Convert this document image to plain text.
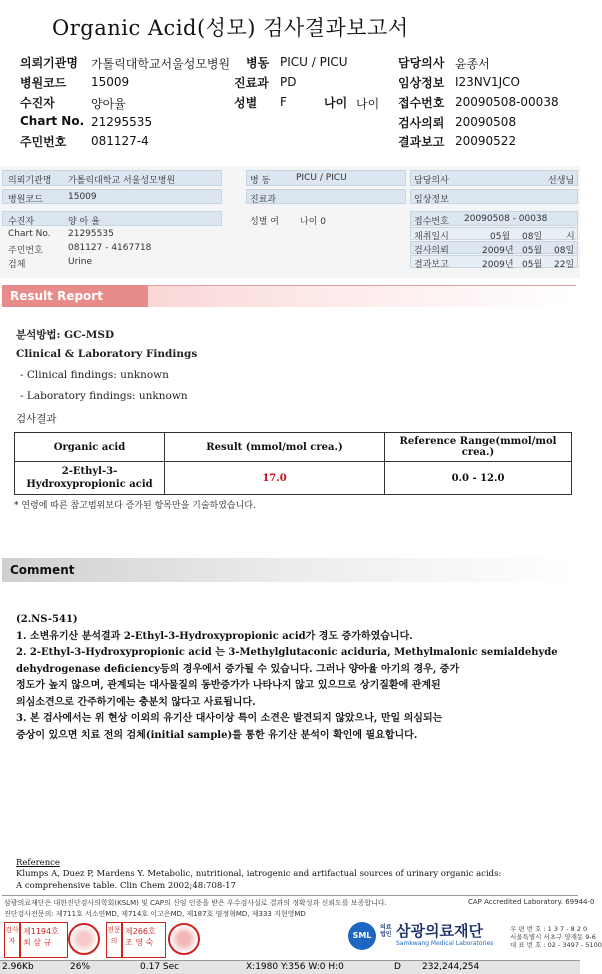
Organic Acid(성모) 검사결과보고서
의뢰기관명 가톨릭대학교서울성모병원 병동 PICU / PICU	담당의사 윤종서
병원코드 15009	진료과 PD	임상정보 I23NV1JCO
수진자	양아율	성별 F	나이 나이 접수번호 20090508-00038
Chart No. 21295535	검사의뢰 20090508
주민번호 081127-4	결과보고 20090522
의뢰기관명 가톨릭대학교 서울성모병원
병원코드	15009
병 동	PICU / PICU
진료과
담당의사	선생님
임상정보
수진자	양 아 율
Chart No. 21295535
주민번호	081127 - 4167718
검체	Urine
성별 여 나이 0	접수번호 20090508 - 00038
채취일시	05월 08일	시
검사의뢰	2009년 05월 08일
결과보고	2009년 05월 22일
Result Report
분석방법: GC-MSD
Clinical & Laboratory Findings
- Clinical findings: unknown
- Laboratory findings: unknown
검사결과
Organic acid	Result (mmol/mol crea.)	Reference Range(mmol/mol crea.)
2-Ethyl-3-Hydroxypropionic acid	17.0	0.0 - 12.0
* 연령에 따른 참고범위보다 증가된 항목만을 기술하였습니다.
Comment
(2.NS-541)
1. 소변유기산 분석결과 2-Ethyl-3-Hydroxypropionic acid가 경도 증가하였습니다.
2. 2-Ethyl-3-Hydroxypropionic acid 는 3-Methylglutaconic aciduria, Methylmalonic semialdehyde
dehydrogenase deficiency등의 경우에서 증가될 수 있습니다. 그러나 양아율 아기의 경우, 증가
정도가 높지 않으며, 관계되는 대사물질의 동반증가가 나타나지 않고 있으므로 상기질환에 관계된
의심소견으로 간주하기에는 충분치 않다고 사료됩니다.
3. 본 검사에서는 위 현상 이외의 유기산 대사이상 특이 소견은 발견되지 않았으나, 만일 의심되는
증상이 있으면 치료 전의 검체(initial sample)를 통한 유기산 분석이 확인에 필요합니다.
Reference
Klumps A, Duez P, Mardens Y. Metabolic, nutritional, iatrogenic and artifactual sources of urinary organic acids:
A comprehensive table. Clin Chem 2002;48:708-17
삼광의료재단은 대한진단검사의학회(KSLM) 및 CAP의 신임 인증을 받은 우수검사실로 결과의 정확성과 신뢰도를 보증합니다.	CAP Accredited Laboratory. 69944-0
진단검사전문의: 제711호 서소연MD, 제714호 이고은MD, 제187호 염정혁MD, 제333 지현영MD
검사자
제1194호
최 삼 규
전문의
제266호
조 영 숙
SML
의료 법인 삼광의료재단
Samkwang Medical Laboratories
우 편 번 호 : 1 3 7 - 8 2 0
서울특별시 서초구 양재동 9-6
대 표 번 호 : 02 - 3497 - 5100
2.96Kb	26%	0.17 Sec	X:1980 Y:356 W:0 H:0	D 232,244,254
